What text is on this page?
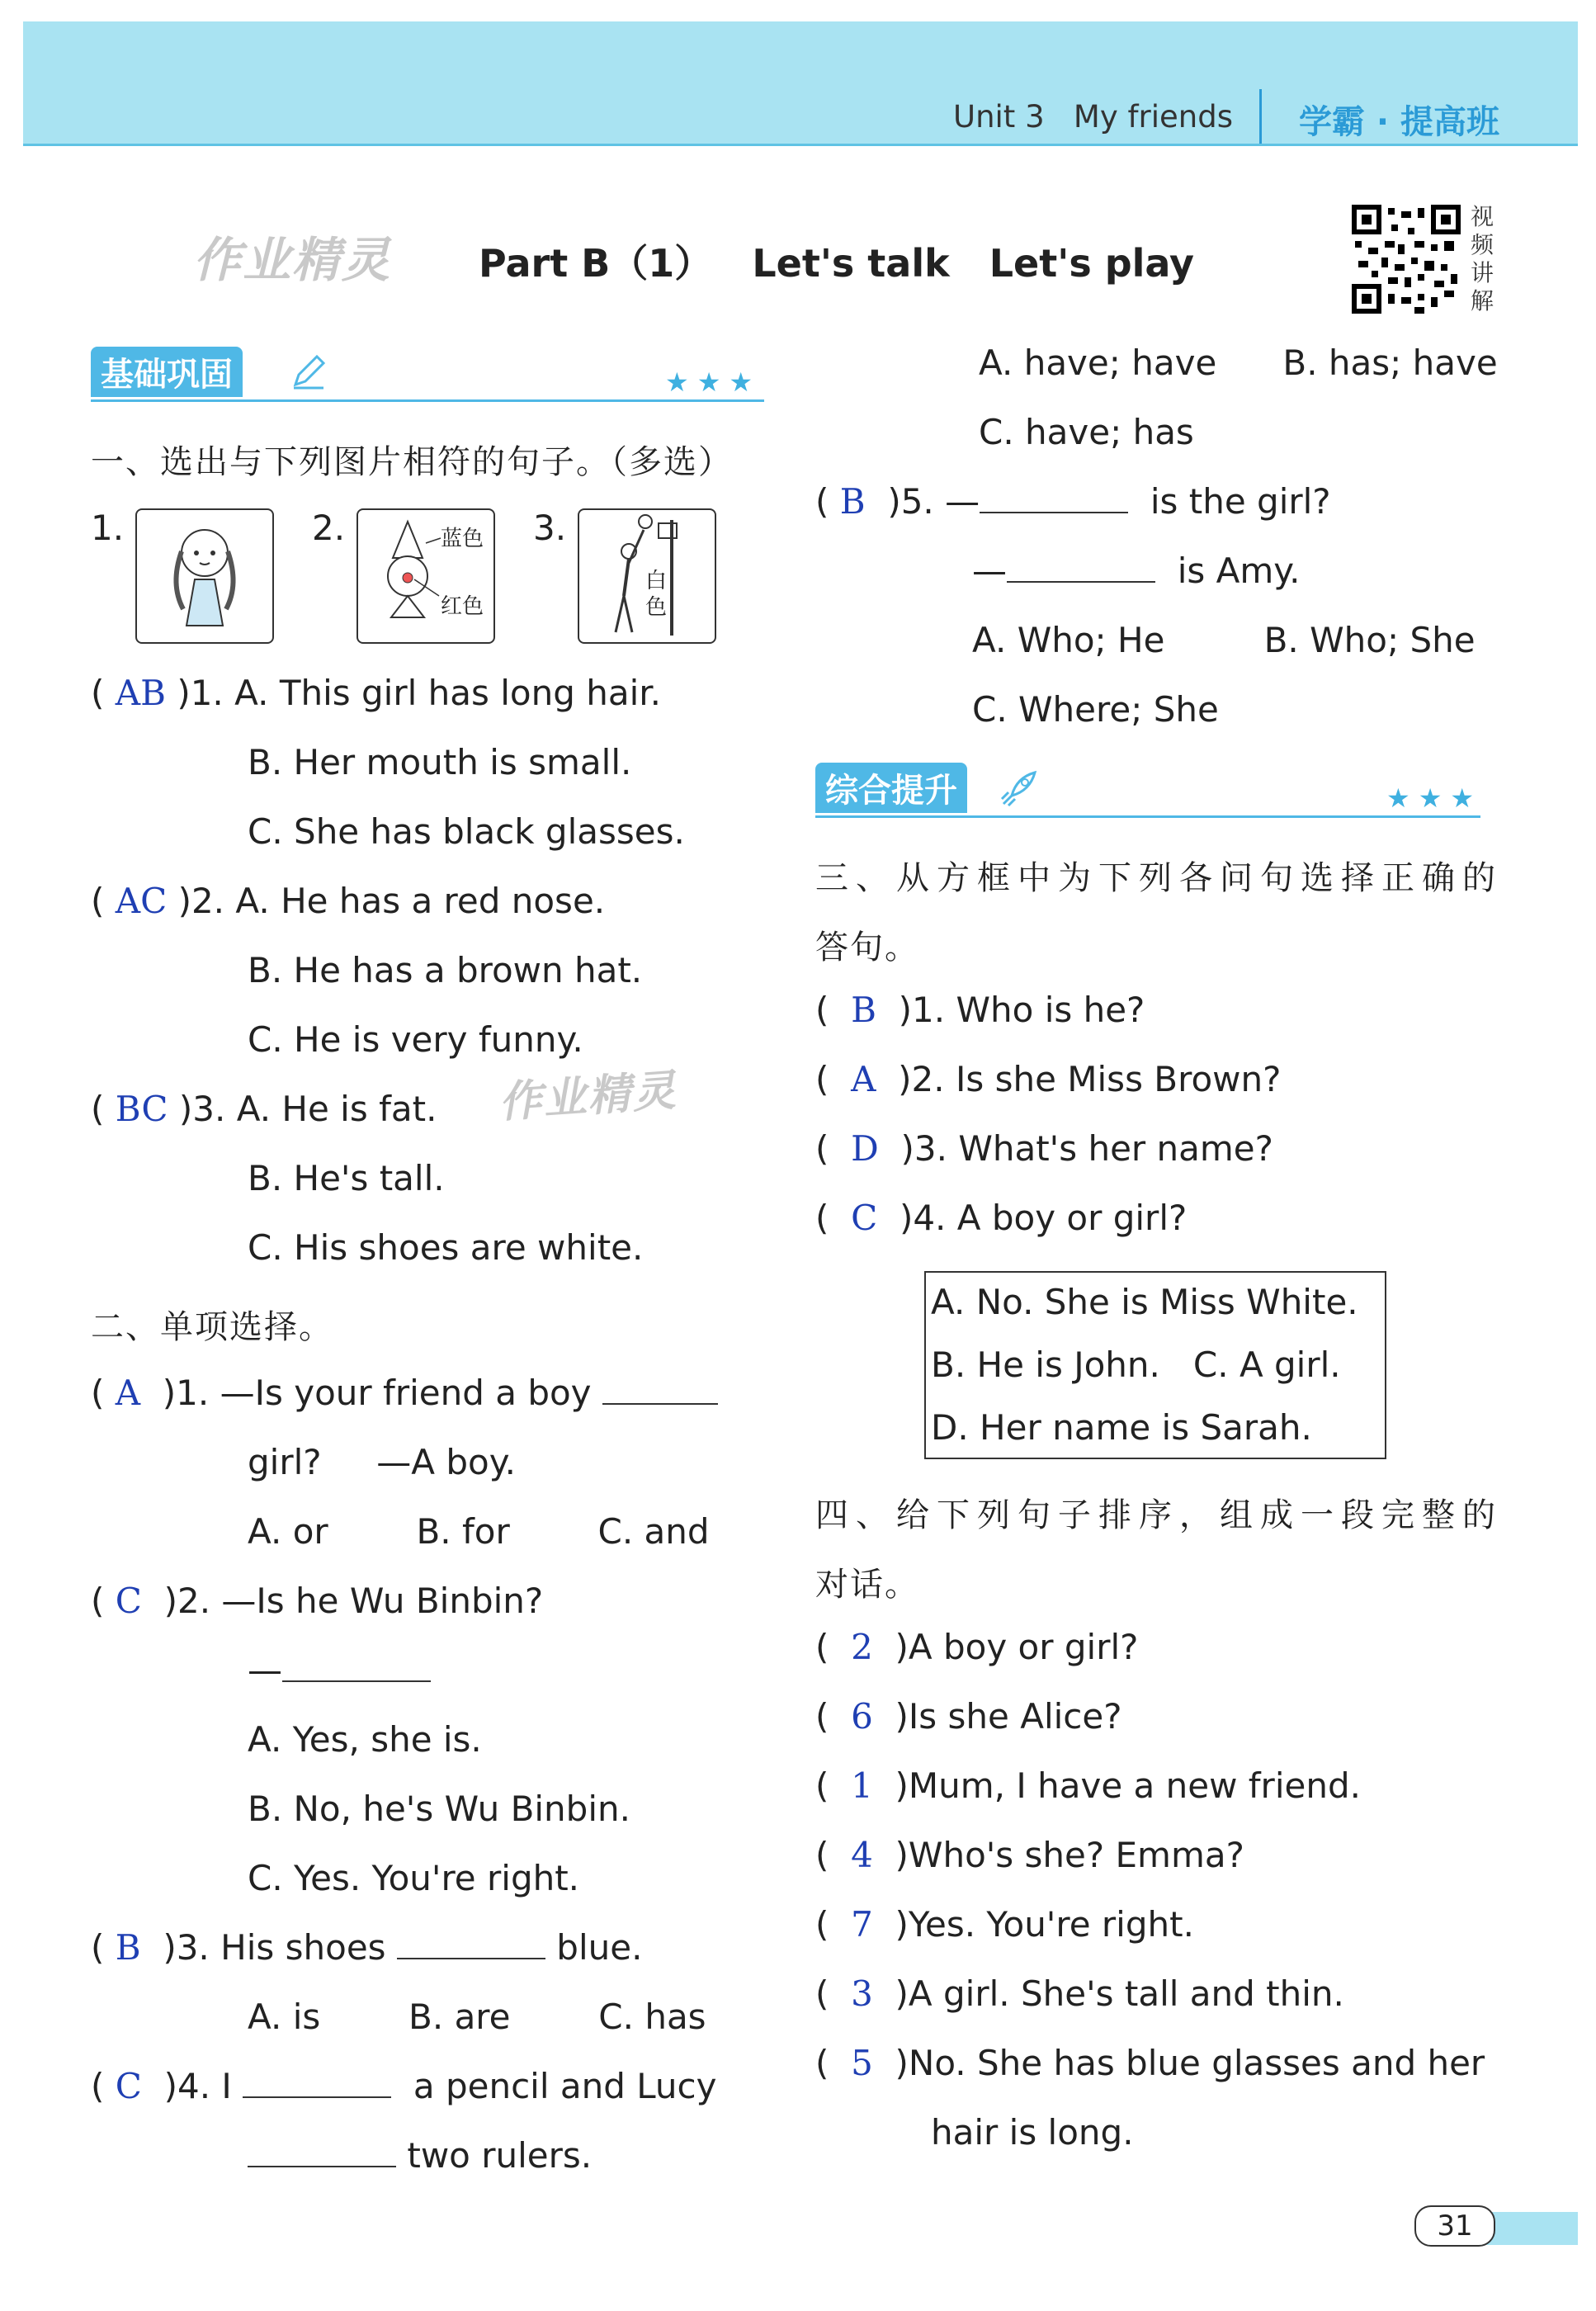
Unit 3 My friends 学霸 · 提高班
作业精灵 Part B（1） Let's talk Let's play
视频讲解
基础巩固	★★★
一、选出与下列图片相符的句子。（多选）
1.	2.	蓝色
红色
3.
白色
( AB )1. A. This girl has long hair.
B. Her mouth is small.
C. She has black glasses.
( AC )2. A. He has a red nose.
B. He has a brown hat.
C. He is very funny.
作业精灵
( BC )3. A. He is fat.
B. He's tall.
C. His shoes are white.
二、单项选择。
( A )1. —Is your friend a boy
girl?     —A boy.
A. or        B. for        C. and
( C )2. —Is he Wu Binbin?
—
A. Yes, she is.
B. No, he's Wu Binbin.
C. Yes. You're right.
( B )3. His shoes	blue.
A. is        B. are        C. has
( C )4. I	a pencil and Lucy
two rulers.
A. have; have      B. has; have
C. have; has
( B )5. —	is the girl?
—	is Amy.
A. Who; He         B. Who; She
C. Where; She
综合提升	★★★
三、从方框中为下列各问句选择正确的
答句。
(  B )1. Who is he?
(  A )2. Is she Miss Brown?
(  D )3. What's her name?
(  C )4. A boy or girl?
A. No. She is Miss White.
B. He is John.   C. A girl.
D. Her name is Sarah.
四、给下列句子排序，组成一段完整的
对话。
(  2 )A boy or girl?
(  6 )Is she Alice?
(  1 )Mum, I have a new friend.
(  4 )Who's she? Emma?
(  7 )Yes. You're right.
(  3 )A girl. She's tall and thin.
(  5 )No. She has blue glasses and her
hair is long.
31
